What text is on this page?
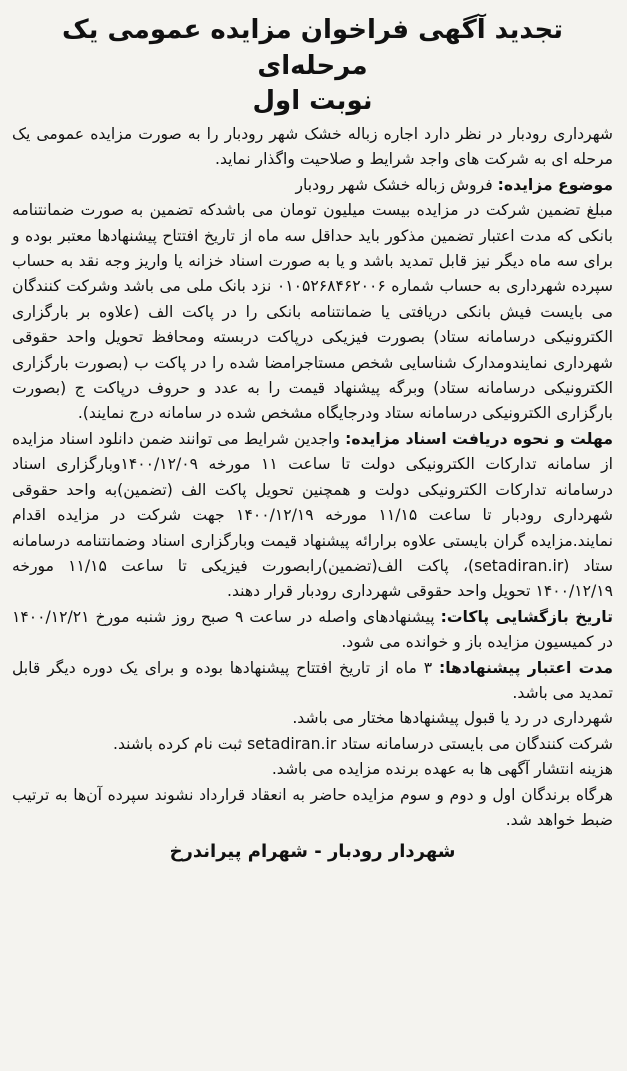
تجدید آگهی فراخوان مزایده عمومی یک مرحله‌ای
نوبت اول

شهرداری رودبار در نظر دارد اجاره زباله خشک شهر رودبار را به صورت مزایده عمومی یک مرحله ای به شرکت های واجد شرایط و صلاحیت واگذار نماید.

موضوع مزایده: فروش زباله خشک شهر رودبار

مبلغ تضمین شرکت در مزایده بیست میلیون تومان می باشدکه تضمین به صورت ضمانتنامه بانکی که مدت اعتبار تضمین مذکور باید حداقل سه ماه از تاریخ افتتاح پیشنهادها معتبر بوده و برای سه ماه دیگر نیز قابل تمدید باشد و یا به صورت اسناد خزانه یا واریز وجه نقد به حساب سپرده شهرداری به حساب شماره ۰۱۰۵۲۶۸۴۶۲۰۰۶ نزد بانک ملی می باشد وشرکت کنندگان می بایست فیش بانکی دریافتی یا ضمانتنامه بانکی را در پاکت الف (علاوه بر بارگزاری الکترونیکی درسامانه ستاد) بصورت فیزیکی درپاکت دربسته ومحافظ تحویل واحد حقوقی شهرداری نمایندومدارک شناسایی شخص مستاجرامضا شده را در پاکت ب (بصورت بارگزاری الکترونیکی درسامانه ستاد) وبرگه پیشنهاد قیمت را به عدد و حروف درپاکت ج (بصورت بارگزاری الکترونیکی درسامانه ستاد ودرجایگاه مشخص شده در سامانه درج نمایند).

مهلت و نحوه دریافت اسناد مزایده: واجدین شرایط می توانند ضمن دانلود اسناد مزایده از سامانه تدارکات الکترونیکی دولت تا ساعت ۱۱ مورخه ۱۴۰۰/۱۲/۰۹وبارگزاری اسناد درسامانه تدارکات الکترونیکی دولت و همچنین تحویل پاکت الف (تضمین)به واحد حقوقی شهرداری رودبار تا ساعت ۱۱/۱۵ مورخه ۱۴۰۰/۱۲/۱۹ جهت شرکت در مزایده اقدام نمایند.مزایده گران بایستی علاوه برارائه پیشنهاد قیمت وبارگزاری اسناد وضمانتنامه درسامانه ستاد (setadiran.ir)، پاکت الف(تضمین)رابصورت فیزیکی تا ساعت ۱۱/۱۵ مورخه ۱۴۰۰/۱۲/۱۹ تحویل واحد حقوقی شهرداری رودبار قرار دهند.

تاریخ بازگشایی پاکات: پیشنهادهای واصله در ساعت ۹ صبح روز شنبه مورخ ۱۴۰۰/۱۲/۲۱ در کمیسیون مزایده باز و خوانده می شود.

مدت اعتبار پیشنهادها: ۳ ماه از تاریخ افتتاح پیشنهادها بوده و برای یک دوره دیگر قابل تمدید می باشد.

شهرداری در رد یا قبول پیشنهادها مختار می باشد.

شرکت کنندگان می بایستی درسامانه ستاد setadiran.ir ثبت نام کرده باشند.

هزینه انتشار آگهی ها به عهده برنده مزایده می باشد.

هرگاه برندگان اول و دوم و سوم مزایده حاضر به انعقاد قرارداد نشوند سپرده آن‌ها به ترتیب ضبط خواهد شد.

شهردار رودبار - شهرام پیراندرخ
